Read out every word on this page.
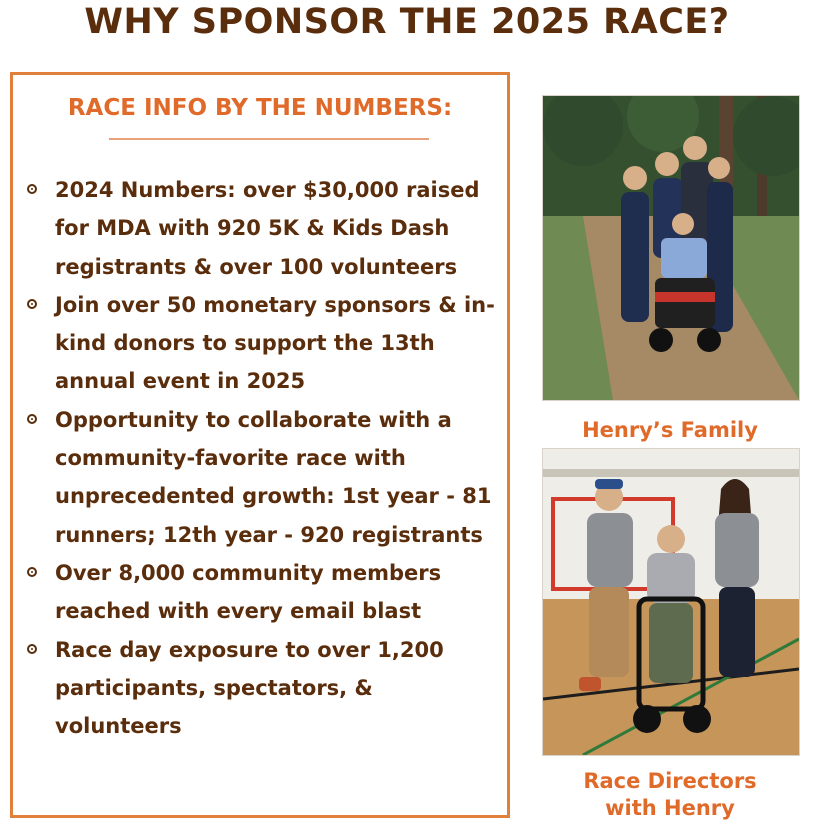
WHY SPONSOR THE 2025 RACE?
RACE INFO BY THE NUMBERS:
2024 Numbers: over $30,000 raised for MDA with 920 5K & Kids Dash registrants & over 100 volunteers
Join over 50 monetary sponsors & in-kind donors to support the 13th annual event in 2025
Opportunity to collaborate with a community-favorite race with unprecedented growth: 1st year - 81 runners; 12th year - 920 registrants
Over 8,000 community members reached with every email blast
Race day exposure to over 1,200 participants, spectators, & volunteers
Henry’s Family
Race Directors
with Henry
